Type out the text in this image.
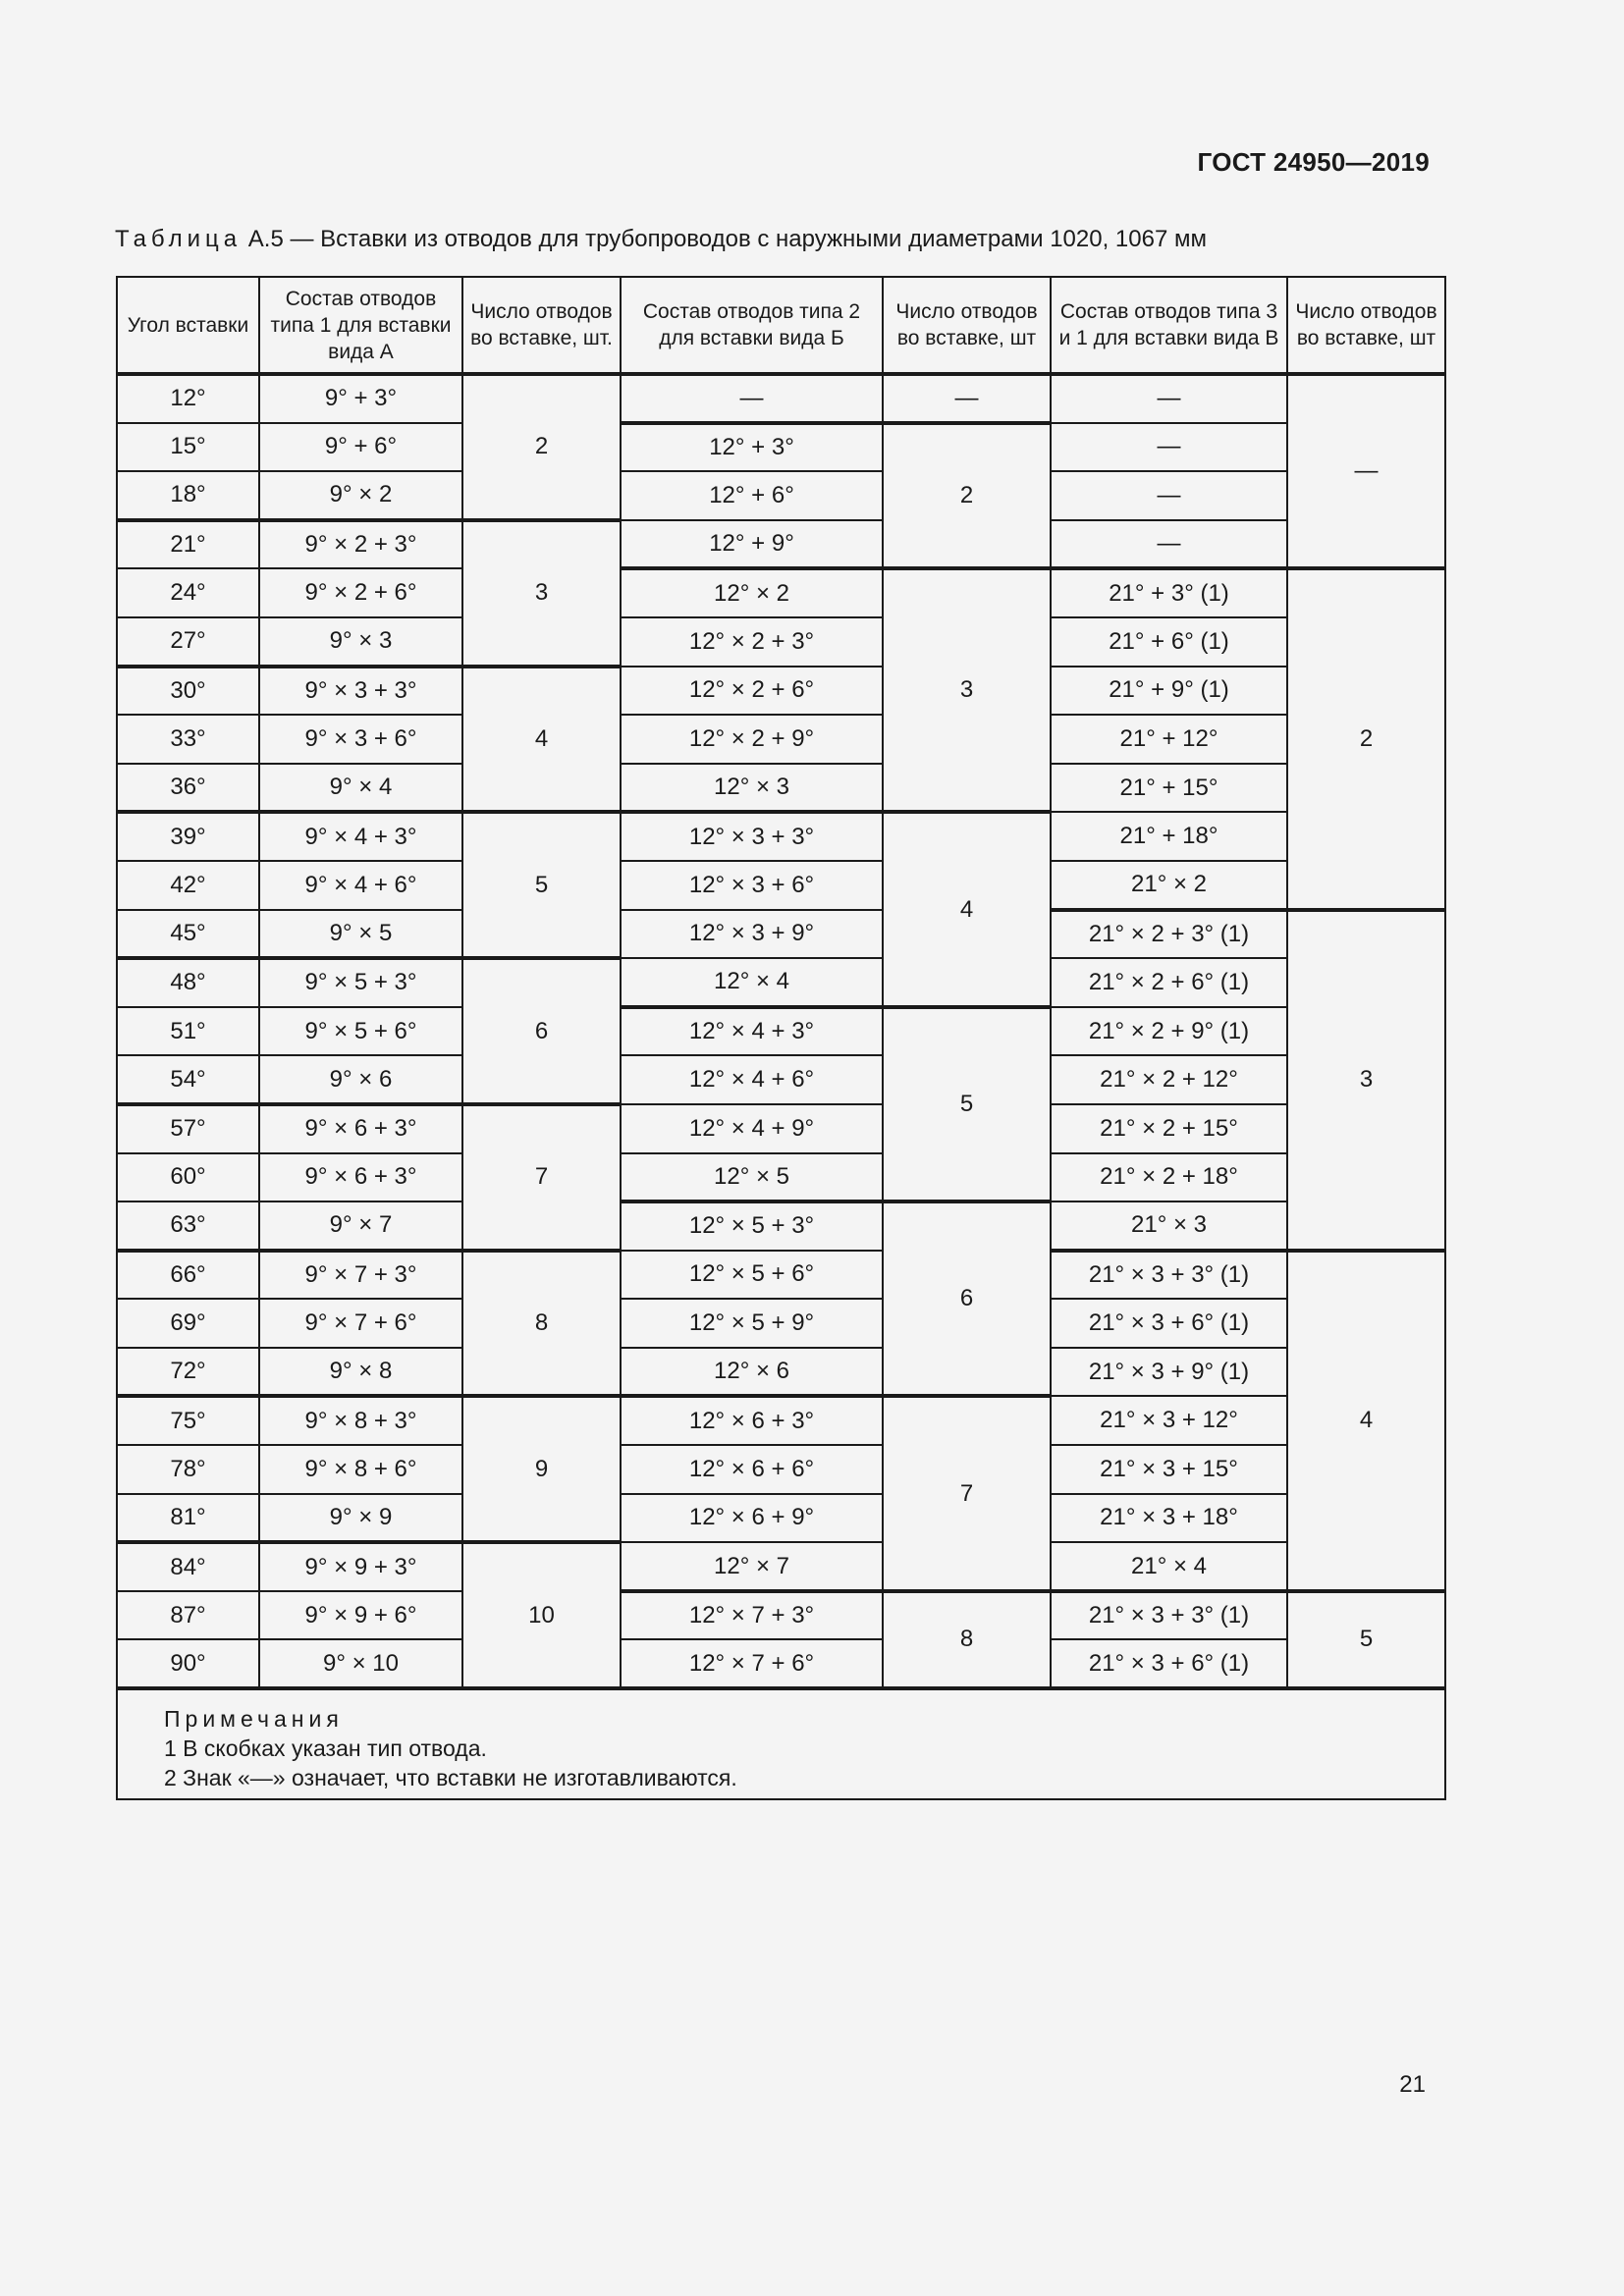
ГОСТ 24950—2019
Таблица А.5 — Вставки из отводов для трубопроводов с наружными диаметрами 1020, 1067 мм
Угол вставки	Состав отводов типа 1 для вставки вида А	Число отводов во вставке, шт.	Состав отводов типа 2 для вставки вида Б	Число отводов во вставке, шт	Состав отводов типа 3 и 1 для вставки вида В	Число отводов во вставке, шт
12°	9° + 3°	2	—	—	—	—
15°	9° + 6°		12° + 3°	2	—	
18°	9° × 2		12° + 6°		—	
21°	9° × 2 + 3°	3	12° + 9°		—	
24°	9° × 2 + 6°		12° × 2	3	21° + 3° (1)	2
27°	9° × 3		12° × 2 + 3°		21° + 6° (1)	
30°	9° × 3 + 3°	4	12° × 2 + 6°		21° + 9° (1)	
33°	9° × 3 + 6°		12° × 2 + 9°		21° + 12°	
36°	9° × 4		12° × 3		21° + 15°	
39°	9° × 4 + 3°	5	12° × 3 + 3°	4	21° + 18°	
42°	9° × 4 + 6°		12° × 3 + 6°		21° × 2	
45°	9° × 5		12° × 3 + 9°		21° × 2 + 3° (1)	3
48°	9° × 5 + 3°	6	12° × 4		21° × 2 + 6° (1)	
51°	9° × 5 + 6°		12° × 4 + 3°	5	21° × 2 + 9° (1)	
54°	9° × 6		12° × 4 + 6°		21° × 2 + 12°	
57°	9° × 6 + 3°	7	12° × 4 + 9°		21° × 2 + 15°	
60°	9° × 6 + 3°		12° × 5		21° × 2 + 18°	
63°	9° × 7		12° × 5 + 3°	6	21° × 3	
66°	9° × 7 + 3°	8	12° × 5 + 6°		21° × 3 + 3° (1)	4
69°	9° × 7 + 6°		12° × 5 + 9°		21° × 3 + 6° (1)	
72°	9° × 8		12° × 6		21° × 3 + 9° (1)	
75°	9° × 8 + 3°	9	12° × 6 + 3°	7	21° × 3 + 12°	
78°	9° × 8 + 6°		12° × 6 + 6°		21° × 3 + 15°	
81°	9° × 9		12° × 6 + 9°		21° × 3 + 18°	
84°	9° × 9 + 3°	10	12° × 7		21° × 4	
87°	9° × 9 + 6°		12° × 7 + 3°	8	21° × 3 + 3° (1)	5
90°	9° × 10		12° × 7 + 6°		21° × 3 + 6° (1)	

Примечания
1 В скобках указан тип отвода.
2 Знак «—» означает, что вставки не изготавливаются.						
21
